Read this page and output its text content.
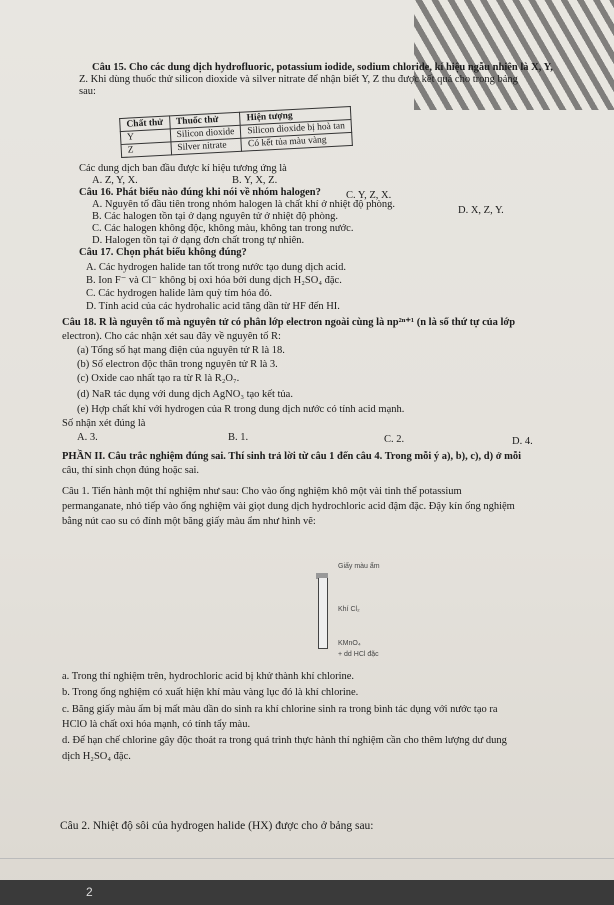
Câu 15. Cho các dung dịch hydrofluoric, potassium iodide, sodium chloride, kí hiệu ngẫu nhiên là X, Y,
Z. Khi dùng thuốc thử silicon dioxide và silver nitrate để nhận biết Y, Z thu được kết quả cho trong bảng
sau:
Chất thử	Thuốc thử	Hiện tượng
Y	Silicon dioxide	Silicon dioxide bị hoà tan
Z	Silver nitrate	Có kết tủa màu vàng
Các dung dịch ban đầu được kí hiệu tương ứng là
A. Z, Y, X.	B. Y, X, Z.
C. Y, Z, X.
D. X, Z, Y.
Câu 16. Phát biểu nào đúng khi nói về nhóm halogen?
A. Nguyên tố đầu tiên trong nhóm halogen là chất khí ở nhiệt độ phòng.
B. Các halogen tồn tại ở dạng nguyên tử ở nhiệt độ phòng.
C. Các halogen không độc, không màu, không tan trong nước.
D. Halogen tồn tại ở dạng đơn chất trong tự nhiên.
Câu 17. Chọn phát biểu không đúng?
A. Các hydrogen halide tan tốt trong nước tạo dung dịch acid.
B. Ion F⁻ và Cl⁻ không bị oxi hóa bởi dung dịch H₂SO₄ đặc.
C. Các hydrogen halide làm quỳ tím hóa đỏ.
D. Tính acid của các hydrohalic acid tăng dần từ HF đến HI.
Câu 18. R là nguyên tố mà nguyên tử có phân lớp electron ngoài cùng là np²ⁿ⁺¹ (n là số thứ tự của lớp
electron). Cho các nhận xét sau đây về nguyên tố R:
(a) Tổng số hạt mang điện của nguyên tử R là 18.
(b) Số electron độc thân trong nguyên tử R là 3.
(c) Oxide cao nhất tạo ra từ R là R₂O₇.
(d) NaR tác dụng với dung dịch AgNO₃ tạo kết tủa.
(e) Hợp chất khí với hydrogen của R trong dung dịch nước có tính acid mạnh.
Số nhận xét đúng là
A. 3.	B. 1.	C. 2.	D. 4.
PHẦN II. Câu trắc nghiệm đúng sai. Thí sinh trả lời từ câu 1 đến câu 4. Trong mỗi ý a), b), c), d) ở mỗi
câu, thí sinh chọn đúng hoặc sai.
Câu 1. Tiến hành một thí nghiệm như sau: Cho vào ống nghiệm khô một vài tinh thể potassium
permanganate, nhỏ tiếp vào ống nghiệm vài giọt dung dịch hydrochloric acid đậm đặc. Đậy kín ống nghiệm
bằng nút cao su có đính một băng giấy màu ẩm như hình vẽ:
Giấy màu ẩm
Khí Cl₂
KMnO₄
+ dd HCl đặc
a. Trong thí nghiệm trên, hydrochloric acid bị khử thành khí chlorine.
b. Trong ống nghiệm có xuất hiện khí màu vàng lục đó là khí chlorine.
c. Băng giấy màu ẩm bị mất màu dần do sinh ra khí chlorine sinh ra trong bình tác dụng với nước tạo ra
HClO là chất oxi hóa mạnh, có tính tẩy màu.
d. Để hạn chế chlorine gây độc thoát ra trong quá trình thực hành thí nghiệm cần cho thêm lượng dư dung
dịch H₂SO₄ đặc.
Câu 2. Nhiệt độ sôi của hydrogen halide (HX) được cho ở bảng sau:
2
